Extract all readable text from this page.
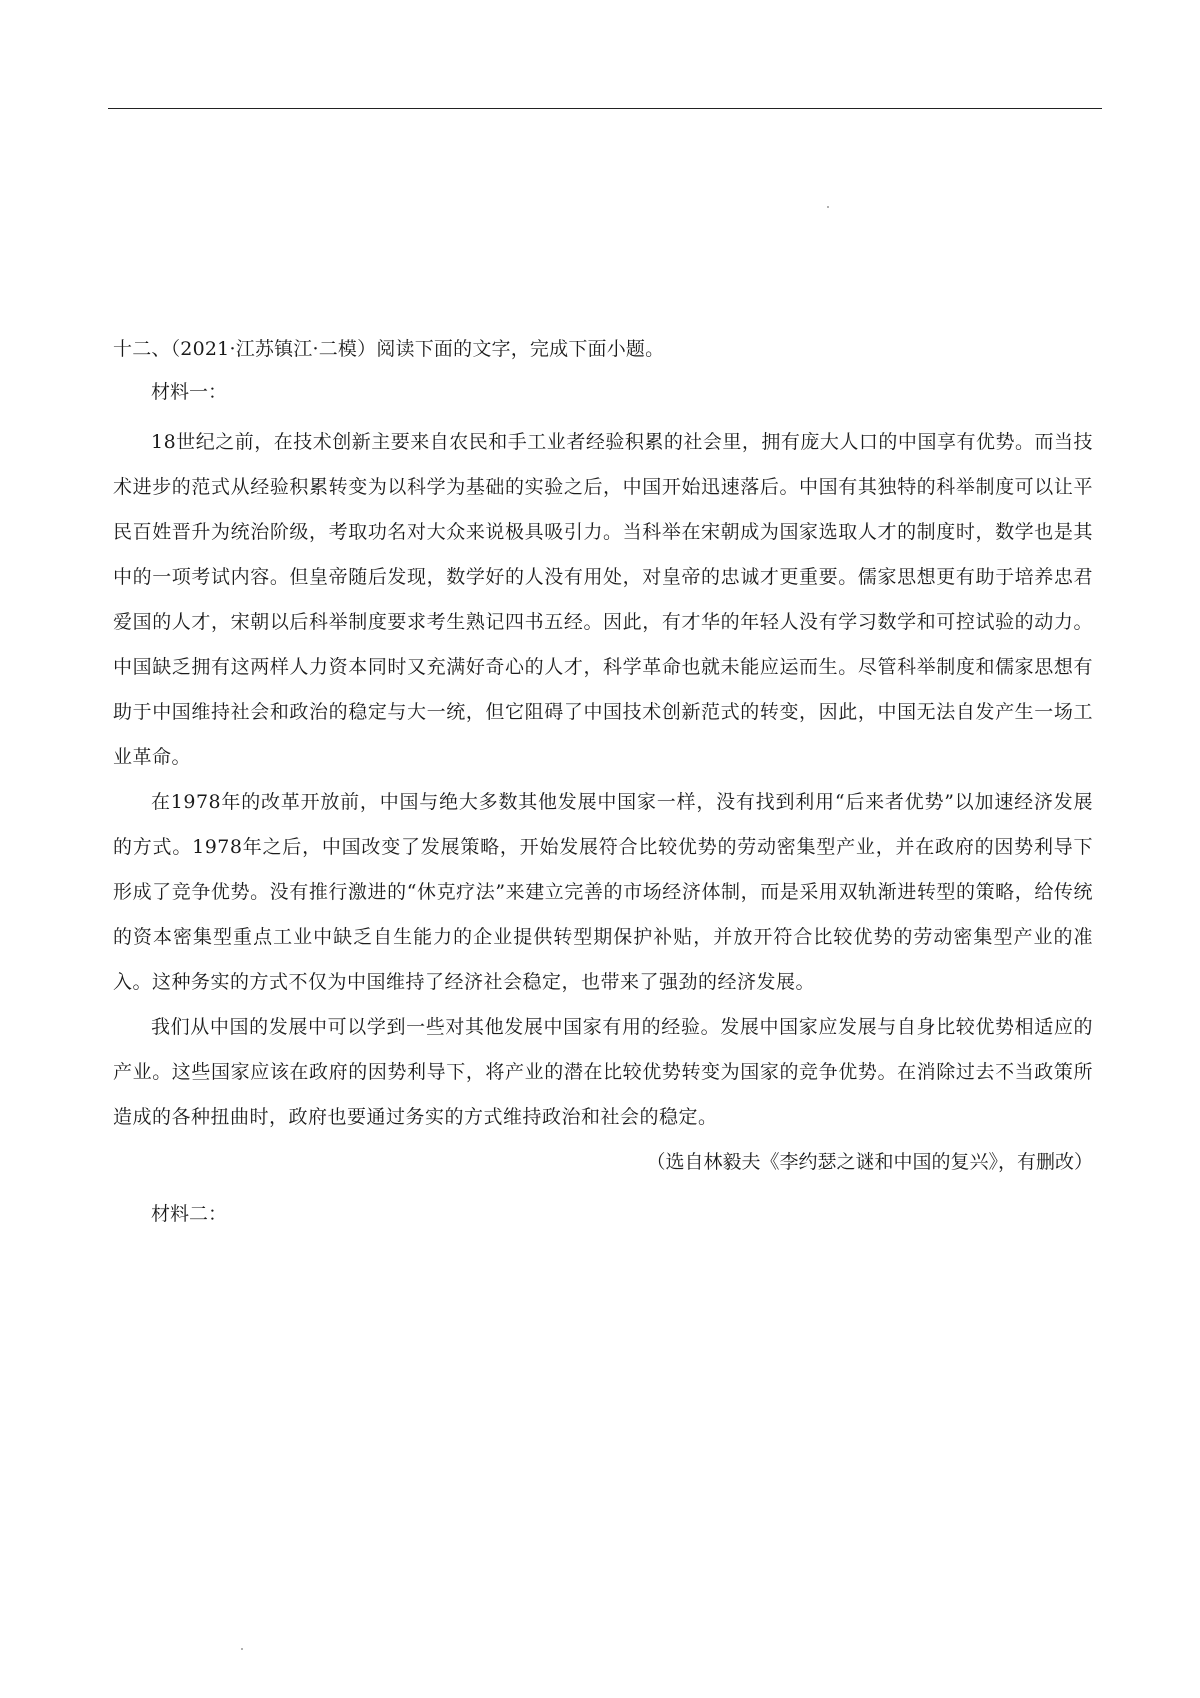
十二、（2021·江苏镇江·二模）阅读下面的文字，完成下面小题。

材料一：

18世纪之前，在技术创新主要来自农民和手工业者经验积累的社会里，拥有庞大人口的中国享有优势。而当技术进步的范式从经验积累转变为以科学为基础的实验之后，中国开始迅速落后。中国有其独特的科举制度可以让平民百姓晋升为统治阶级，考取功名对大众来说极具吸引力。当科举在宋朝成为国家选取人才的制度时，数学也是其中的一项考试内容。但皇帝随后发现，数学好的人没有用处，对皇帝的忠诚才更重要。儒家思想更有助于培养忠君爱国的人才，宋朝以后科举制度要求考生熟记四书五经。因此，有才华的年轻人没有学习数学和可控试验的动力。中国缺乏拥有这两样人力资本同时又充满好奇心的人才，科学革命也就未能应运而生。尽管科举制度和儒家思想有助于中国维持社会和政治的稳定与大一统，但它阻碍了中国技术创新范式的转变，因此，中国无法自发产生一场工业革命。

在1978年的改革开放前，中国与绝大多数其他发展中国家一样，没有找到利用“后来者优势”以加速经济发展的方式。1978年之后，中国改变了发展策略，开始发展符合比较优势的劳动密集型产业，并在政府的因势利导下形成了竞争优势。没有推行激进的“休克疗法”来建立完善的市场经济体制，而是采用双轨渐进转型的策略，给传统的资本密集型重点工业中缺乏自生能力的企业提供转型期保护补贴，并放开符合比较优势的劳动密集型产业的准入。这种务实的方式不仅为中国维持了经济社会稳定，也带来了强劲的经济发展。

我们从中国的发展中可以学到一些对其他发展中国家有用的经验。发展中国家应发展与自身比较优势相适应的产业。这些国家应该在政府的因势利导下，将产业的潜在比较优势转变为国家的竞争优势。在消除过去不当政策所造成的各种扭曲时，政府也要通过务实的方式维持政治和社会的稳定。

（选自林毅夫《李约瑟之谜和中国的复兴》，有删改）

材料二：
